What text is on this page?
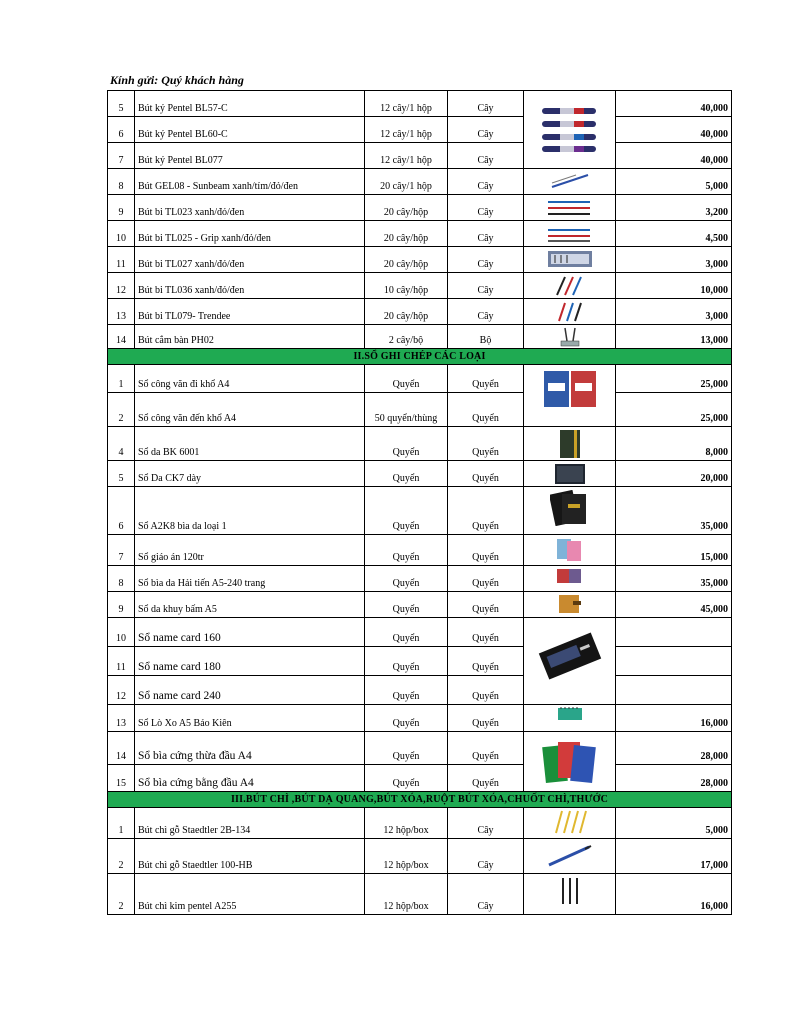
Kính gửi: Quý khách hàng
5	Bút ký Pentel BL57-C	12 cây/1 hộp	Cây		40,000
6	Bút ký Pentel BL60-C	12 cây/1 hộp	Cây		40,000
7	Bút ký Pentel BL077	12 cây/1 hộp	Cây		40,000
8	Bút GEL08 - Sunbeam xanh/tím/đỏ/đen	20 cây/1 hộp	Cây		5,000
9	Bút bi TL023 xanh/đỏ/đen	20 cây/hộp	Cây		3,200
10	Bút bi TL025 - Grip xanh/đỏ/đen	20 cây/hộp	Cây		4,500
11	Bút bi TL027 xanh/đỏ/đen	20 cây/hộp	Cây		3,000
12	Bút bi TL036 xanh/đỏ/đen	10 cây/hộp	Cây		10,000
13	Bút bi TL079- Trendee	20 cây/hộp	Cây		3,000
14	Bút cắm bàn PH02	2 cây/bộ	Bộ		13,000
II.SỔ GHI CHÉP CÁC LOẠI					
1	Sổ công văn đi khổ A4	Quyển	Quyển		25,000
2	Sổ công văn đến khổ A4	50 quyển/thùng	Quyển		25,000
4	Sổ da BK 6001	Quyển	Quyển		8,000
5	Sổ Da CK7 dày	Quyển	Quyển		20,000
6	Sổ A2K8 bìa da loại 1	Quyển	Quyển		35,000
7	Sổ giáo án 120tr	Quyển	Quyển		15,000
8	Sổ bìa da Hải tiến A5-240 trang	Quyển	Quyển		35,000
9	Sổ da khuy bấm A5	Quyển	Quyển		45,000
10	Sổ name card 160	Quyển	Quyển	

11	Sổ name card 180	Quyển	Quyển		
12	Sổ name card 240	Quyển	Quyển		
13	Sổ Lò Xo A5 Bảo Kiên	Quyển	Quyển		16,000
14	Sổ bìa cứng thừa đầu A4	Quyển	Quyển		28,000
15	Sổ bìa cứng bằng đầu A4	Quyển	Quyển		28,000
III.BÚT CHÌ ,BÚT DẠ QUANG,BÚT XÓA,RUỘT BÚT XÓA,CHUỐT CHÌ,THƯỚC					
1	Bút chì gỗ Staedtler 2B-134	12 hộp/box	Cây		5,000
2	Bút chì gỗ Staedtler 100-HB	12 hộp/box	Cây		17,000
2	Bút chì kim pentel A255	12 hộp/box	Cây		16,000
